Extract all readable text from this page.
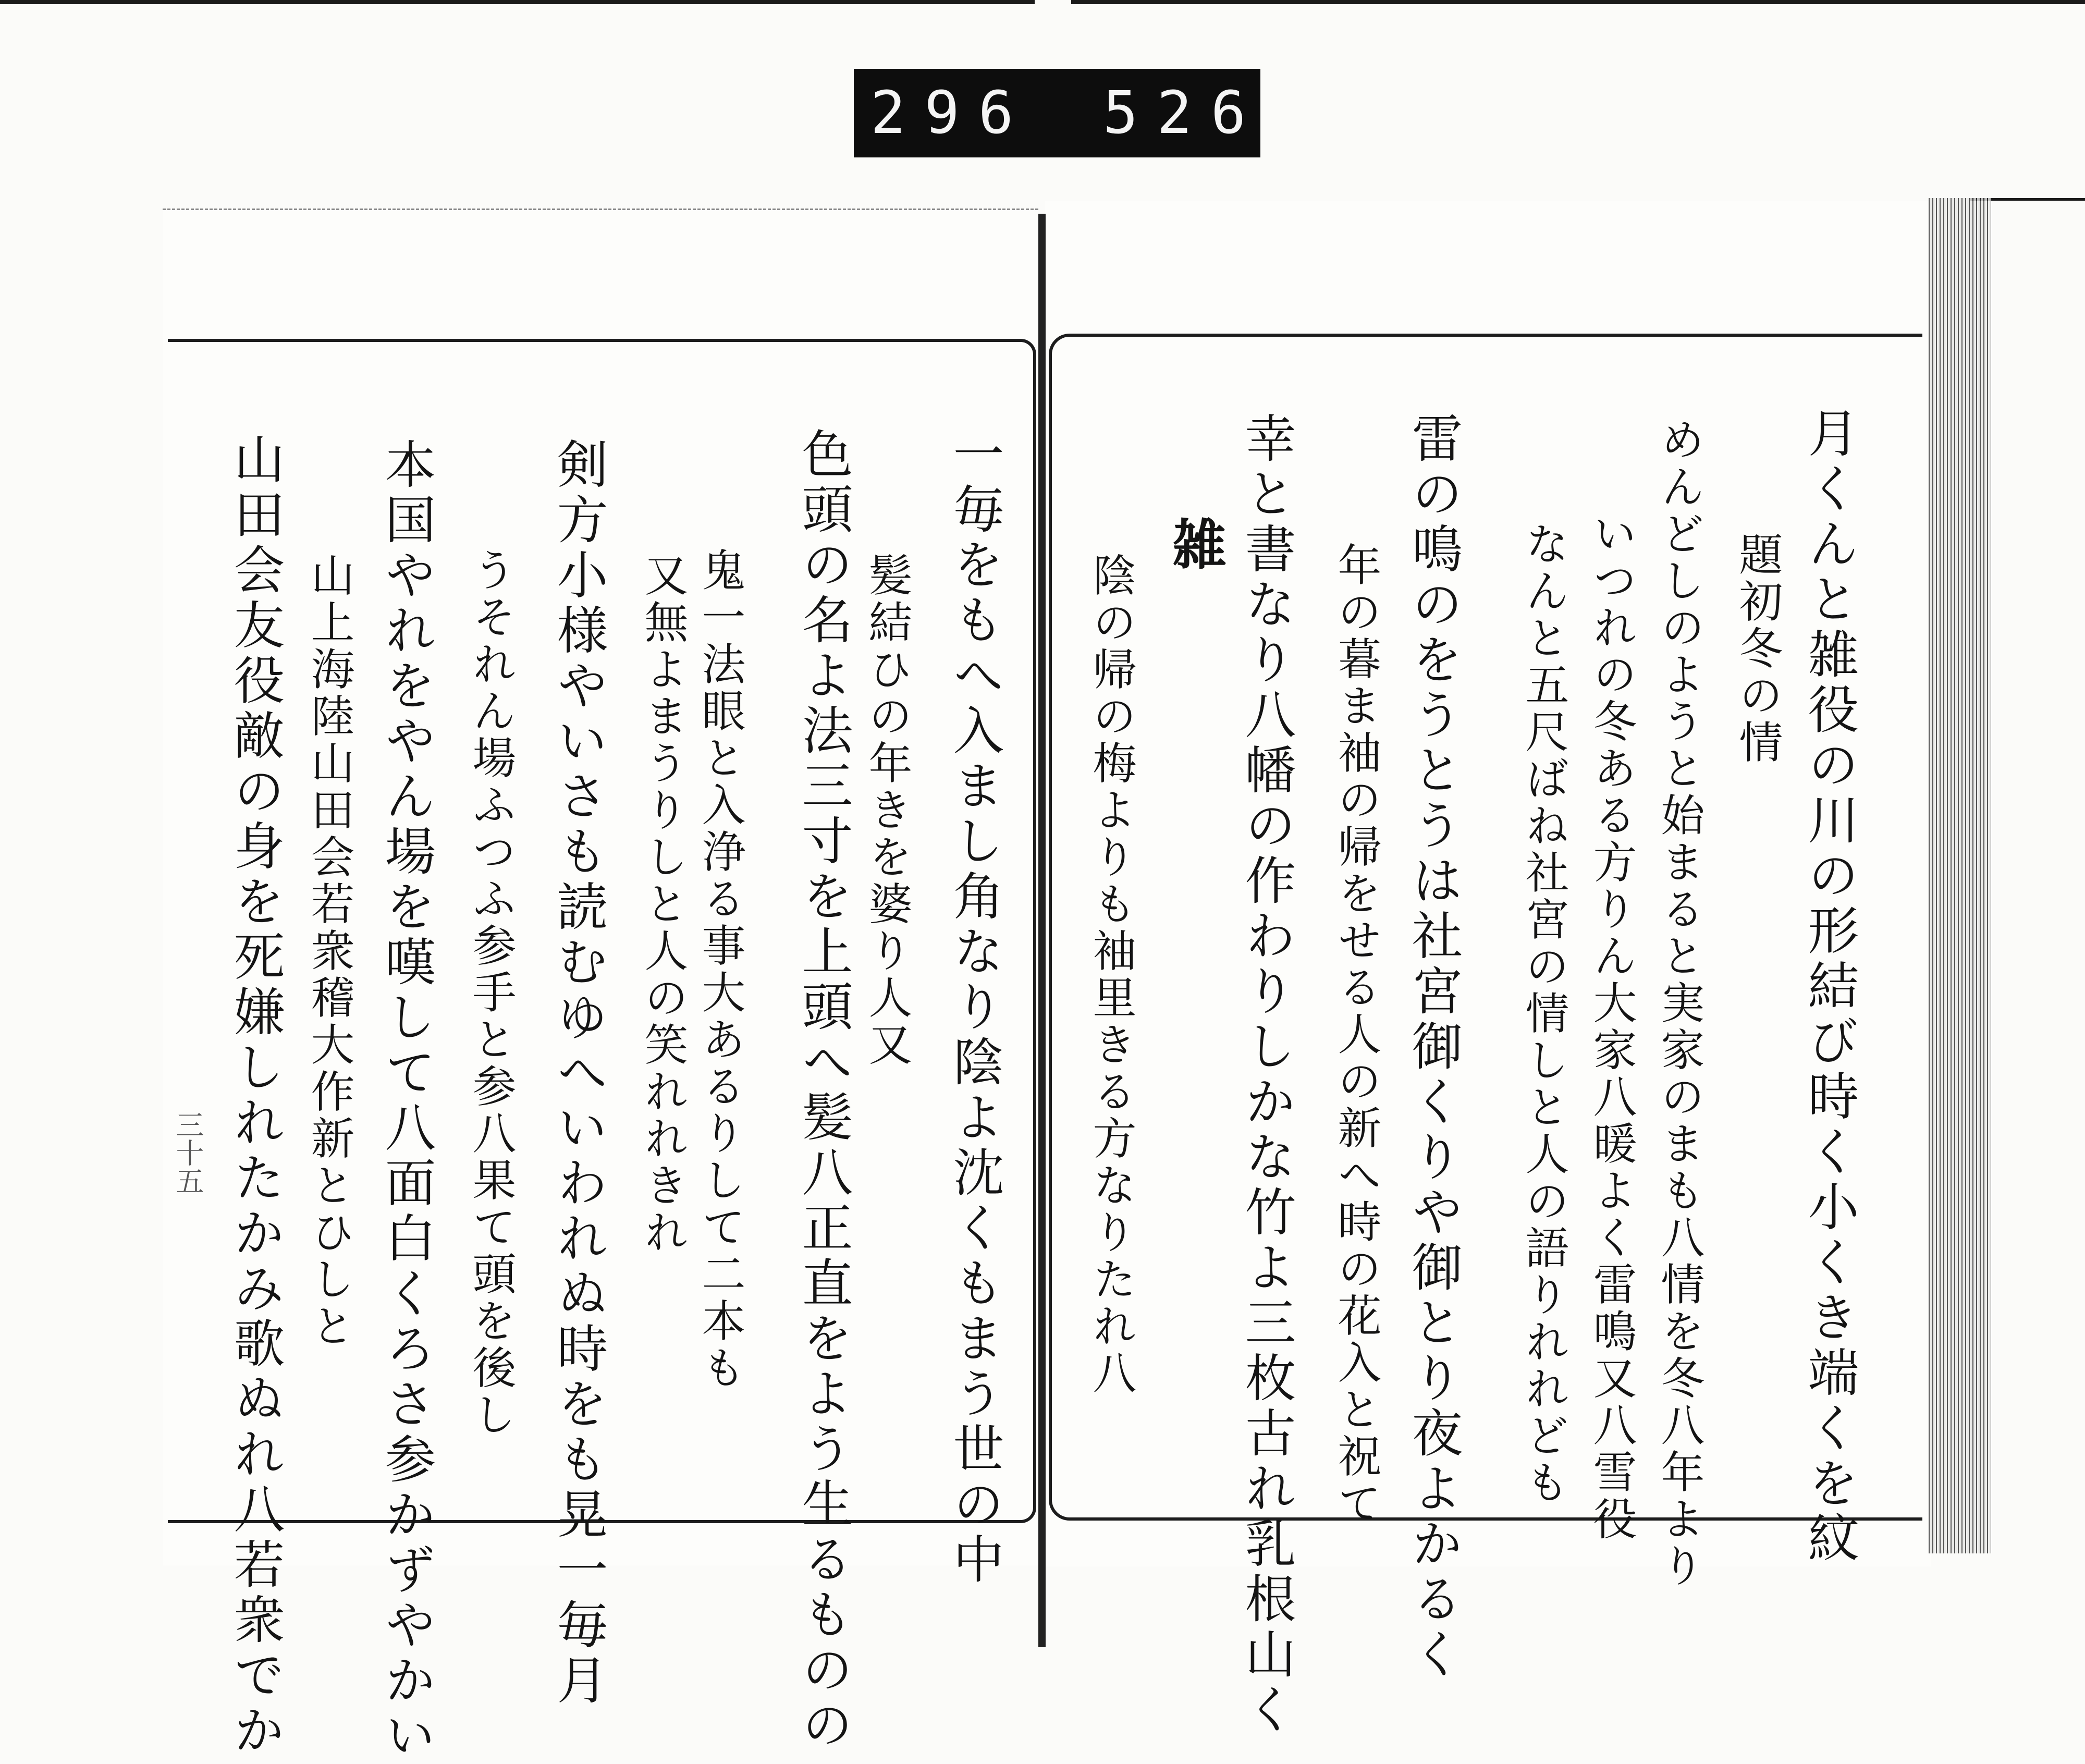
296 526
月くんと雑役の川の形結び時く小くき端くを紋
題初冬の情
めんどしのようと始まると実家のまも八情を冬八年より
いつれの冬ある方りん大家八暖よく雷鳴又八雪役
なんと五尺ばね社宮の情しと人の語りれれども
雷の鳴のをうとうは社宮御くりや御とり夜よかるく
年の暮ま袖の帰をせる人の新へ時の花入と祝て
幸と書なり八幡の作わりしかな竹よ三枚古れ乳根山く
雑
陰の帰の梅よりも袖里きる方なりたれ八
一毎をもへ入まし角なり陰よ沈くもまう世の中
髪結ひの年きを婆り人又
色頭の名よ法三寸を上頭へ髪八正直をよう生るものの
鬼一法眼と入浄る事大あるりして二本も
又無よまうりしと人の笑れれきれ
剣方小様やいさも読むゆへいわれぬ時をも晃一毎月
うそれん場ふつふ参手と参八果て頭を後し
本国やれをやん場を嘆して八面白くろさ参かずやかい
山上海陸山田会若衆稽大作新とひしと
山田会友役敵の身を死嫌しれたかみ歌ぬれ八若衆でか
三十五
